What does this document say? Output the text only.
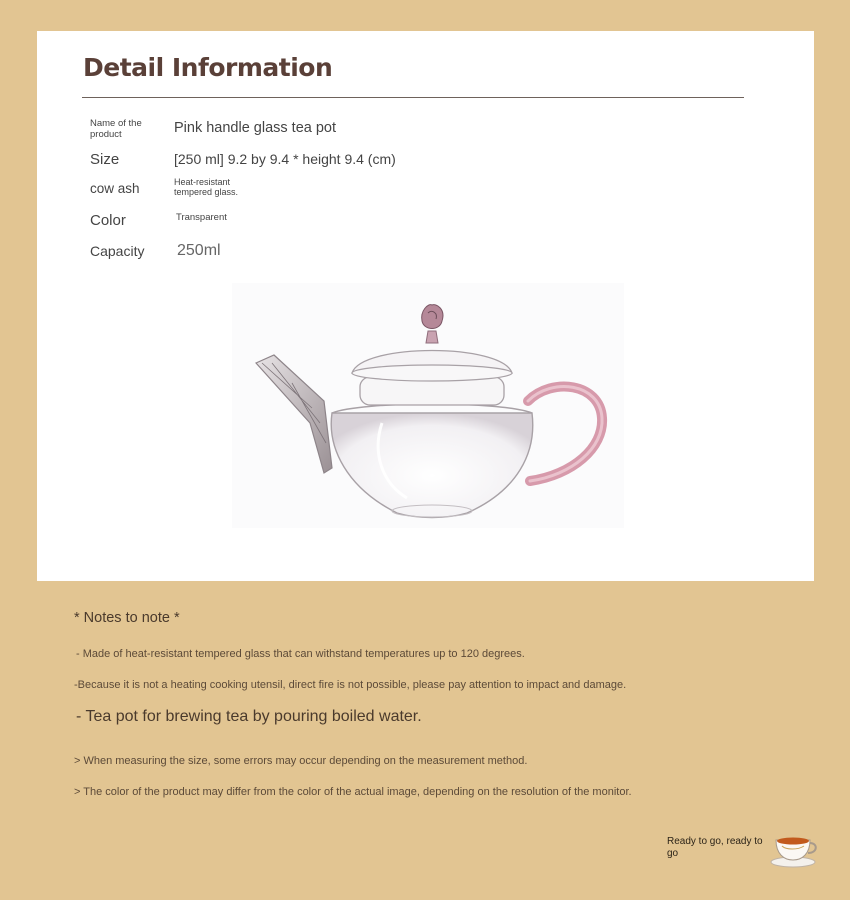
Detail Information
Name of the product	Pink handle glass tea pot
Size	[250 ml] 9.2 by 9.4 * height 9.4 (cm)
cow ash	Heat-resistant tempered glass.
Color	Transparent
Capacity 250ml
* Notes to note *
- Made of heat-resistant tempered glass that can withstand temperatures up to 120 degrees.
-Because it is not a heating cooking utensil, direct fire is not possible, please pay attention to impact and damage.
- Tea pot for brewing tea by pouring boiled water.
> When measuring the size, some errors may occur depending on the measurement method.
> The color of the product may differ from the color of the actual image, depending on the resolution of the monitor.
Ready to go, ready to go
